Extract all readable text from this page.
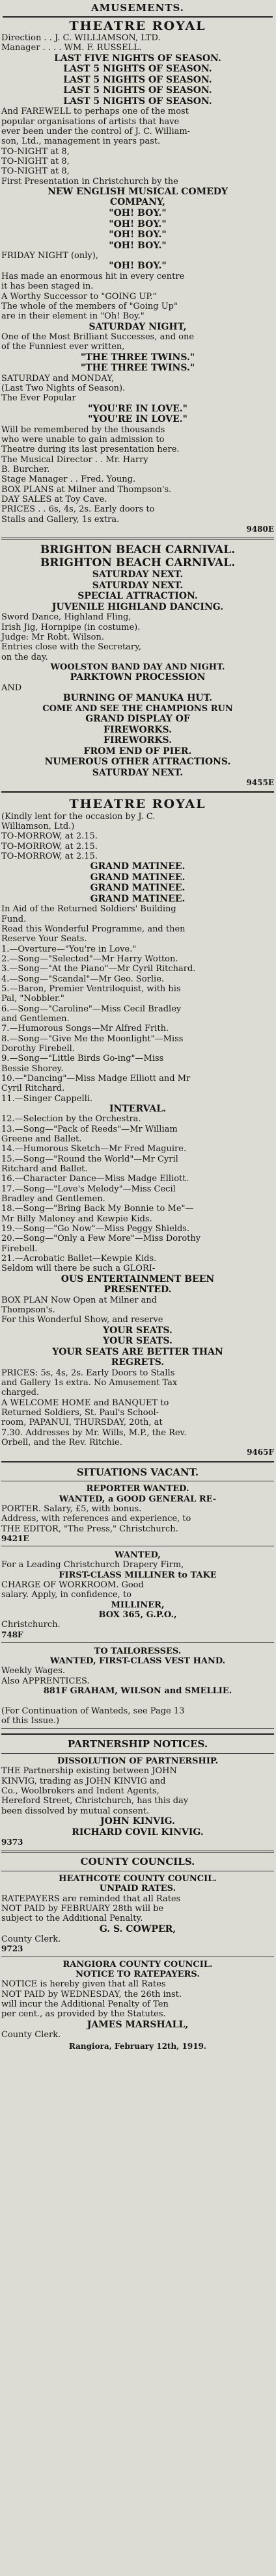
AMUSEMENTS.
THEATRE ROYAL
Direction . . J. C. WILLIAMSON, LTD.
Manager . . . . WM. F. RUSSELL.
LAST FIVE NIGHTS OF SEASON.
LAST 5 NIGHTS OF SEASON.
LAST 5 NIGHTS OF SEASON.
LAST 5 NIGHTS OF SEASON.
LAST 5 NIGHTS OF SEASON.
And FAREWELL to perhaps one of the most
popular organisations of artists that have
ever been under the control of J. C. William-
son, Ltd., management in years past.
TO-NIGHT at 8,
TO-NIGHT at 8,
TO-NIGHT at 8,
First Presentation in Christchurch by the
NEW ENGLISH MUSICAL COMEDY
COMPANY,
"OH! BOY."
"OH! BOY."
"OH! BOY."
"OH! BOY."
FRIDAY NIGHT (only),
"OH! BOY."
Has made an enormous hit in every centre
it has been staged in.
A Worthy Successor to "GOING UP."
The whole of the members of "Going Up"
are in their element in "Oh! Boy."
SATURDAY NIGHT,
One of the Most Brilliant Successes, and one
of the Funniest ever written,
"THE THREE TWINS."
"THE THREE TWINS."
SATURDAY and MONDAY,
(Last Two Nights of Season).
The Ever Popular
"YOU'RE IN LOVE."
"YOU'RE IN LOVE."
Will be remembered by the thousands
who were unable to gain admission to
Theatre during its last presentation here.
The Musical Director . . Mr. Harry
B. Burcher.
Stage Manager . . Fred. Young.
BOX PLANS at Milner and Thompson's.
DAY SALES at Toy Cave.
PRICES . . 6s, 4s, 2s. Early doors to
Stalls and Gallery, 1s extra.
9480E
BRIGHTON BEACH CARNIVAL.
BRIGHTON BEACH CARNIVAL.
SATURDAY NEXT.
SATURDAY NEXT.
SPECIAL ATTRACTION.
JUVENILE HIGHLAND DANCING.
Sword Dance, Highland Fling,
Irish Jig, Hornpipe (in costume).
Judge: Mr Robt. Wilson.
Entries close with the Secretary,
on the day.
WOOLSTON BAND DAY AND NIGHT.
PARKTOWN PROCESSION
AND
BURNING OF MANUKA HUT.
COME AND SEE THE CHAMPIONS RUN
GRAND DISPLAY OF
FIREWORKS.
FIREWORKS.
FROM END OF PIER.
NUMEROUS OTHER ATTRACTIONS.
SATURDAY NEXT.
9455E
THEATRE ROYAL
(Kindly lent for the occasion by J. C.
Williamson, Ltd.)
TO-MORROW, at 2.15.
TO-MORROW, at 2.15.
TO-MORROW, at 2.15.
GRAND MATINEE.
GRAND MATINEE.
GRAND MATINEE.
GRAND MATINEE.
In Aid of the Returned Soldiers' Building
Fund.
Read this Wonderful Programme, and then
Reserve Your Seats.
1.—Overture—"You're in Love."
2.—Song—"Selected"—Mr Harry Wotton.
3.—Song—"At the Piano"—Mr Cyril Ritchard.
4.—Song—"Scandal"—Mr Geo. Sorlie.
5.—Baron, Premier Ventriloquist, with his
Pal, "Nobbler."
6.—Song—"Caroline"—Miss Cecil Bradley
and Gentlemen.
7.—Humorous Songs—Mr Alfred Frith.
8.—Song—"Give Me the Moonlight"—Miss
Dorothy Firebell.
9.—Song—"Little Birds Go-ing"—Miss
Bessie Shorey.
10.—"Dancing"—Miss Madge Elliott and Mr
Cyril Ritchard.
11.—Singer Cappelli.
INTERVAL.
12.—Selection by the Orchestra.
13.—Song—"Pack of Reeds"—Mr William
Greene and Ballet.
14.—Humorous Sketch—Mr Fred Maguire.
15.—Song—"Round the World"—Mr Cyril
Ritchard and Ballet.
16.—Character Dance—Miss Madge Elliott.
17.—Song—"Love's Melody"—Miss Cecil
Bradley and Gentlemen.
18.—Song—"Bring Back My Bonnie to Me"—
Mr Billy Maloney and Kewpie Kids.
19.—Song—"Go Now"—Miss Peggy Shields.
20.—Song—"Only a Few More"—Miss Dorothy
Firebell.
21.—Acrobatic Ballet—Kewpie Kids.
Seldom will there be such a GLORI-
OUS ENTERTAINMENT BEEN
PRESENTED.
BOX PLAN Now Open at Milner and
Thompson's.
For this Wonderful Show, and reserve
YOUR SEATS.
YOUR SEATS.
YOUR SEATS ARE BETTER THAN
REGRETS.
PRICES: 5s, 4s, 2s. Early Doors to Stalls
and Gallery 1s extra. No Amusement Tax
charged.
A WELCOME HOME and BANQUET to
Returned Soldiers, St. Paul's School-
room, PAPANUI, THURSDAY, 20th, at
7.30. Addresses by Mr. Wills, M.P., the Rev.
Orbell, and the Rev. Ritchie.
9465F
SITUATIONS VACANT.
REPORTER WANTED.
WANTED, a GOOD GENERAL RE-
PORTER. Salary, £5, with bonus.
Address, with references and experience, to
THE EDITOR, "The Press," Christchurch.
9421E
WANTED,
For a Leading Christchurch Drapery Firm,
FIRST-CLASS MILLINER to TAKE
CHARGE OF WORKROOM. Good
salary. Apply, in confidence, to
MILLINER,
BOX 365, G.P.O.,
Christchurch.
748F
TO TAILORESSES.
WANTED, FIRST-CLASS VEST HAND.
Weekly Wages.
Also APPRENTICES.
881F GRAHAM, WILSON and SMELLIE.

(For Continuation of Wanteds, see Page 13
of this Issue.)
PARTNERSHIP NOTICES.
DISSOLUTION OF PARTNERSHIP.
THE Partnership existing between JOHN
KINVIG, trading as JOHN KINVIG and
Co., Woolbrokers and Indent Agents,
Hereford Street, Christchurch, has this day
been dissolved by mutual consent.
JOHN KINVIG.
RICHARD COVIL KINVIG.
9373
COUNTY COUNCILS.
HEATHCOTE COUNTY COUNCIL.
UNPAID RATES.
RATEPAYERS are reminded that all Rates
NOT PAID by FEBRUARY 28th will be
subject to the Additional Penalty.
G. S. COWPER,
County Clerk.
9723
RANGIORA COUNTY COUNCIL.
NOTICE TO RATEPAYERS.
NOTICE is hereby given that all Rates
NOT PAID by WEDNESDAY, the 26th inst.
will incur the Additional Penalty of Ten
per cent., as provided by the Statutes.
JAMES MARSHALL,
County Clerk.
Rangiora, February 12th, 1919.
